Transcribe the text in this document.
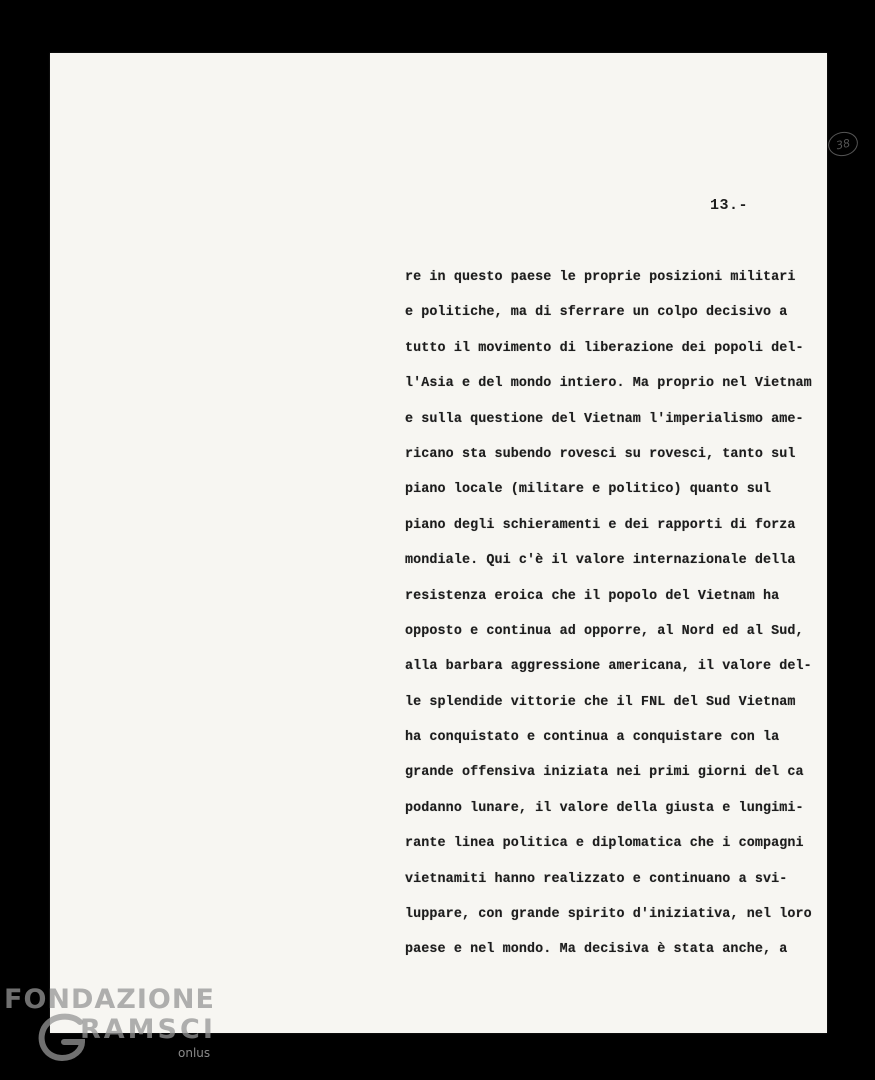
38
13.-
re in questo paese le proprie posizioni militari
e politiche, ma di sferrare un colpo decisivo a
tutto il movimento di liberazione dei popoli del-
l'Asia e del mondo intiero. Ma proprio nel Vietnam
e sulla questione del Vietnam l'imperialismo ame-
ricano sta subendo rovesci su rovesci, tanto sul
piano locale (militare e politico) quanto sul
piano degli schieramenti e dei rapporti di forza
mondiale. Qui c'è il valore internazionale della
resistenza eroica che il popolo del Vietnam ha
opposto e continua ad opporre, al Nord ed al Sud,
alla barbara aggressione americana, il valore del-
le splendide vittorie che il FNL del Sud Vietnam
ha conquistato e continua a conquistare con la
grande offensiva iniziata nei primi giorni del ca
podanno lunare, il valore della giusta e lungimi-
rante linea politica e diplomatica che i compagni
vietnamiti hanno realizzato e continuano a svi-
luppare, con grande spirito d'iniziativa, nel loro
paese e nel mondo. Ma decisiva è stata anche, a
FONDAZIONE
RAMSCI
onlus
